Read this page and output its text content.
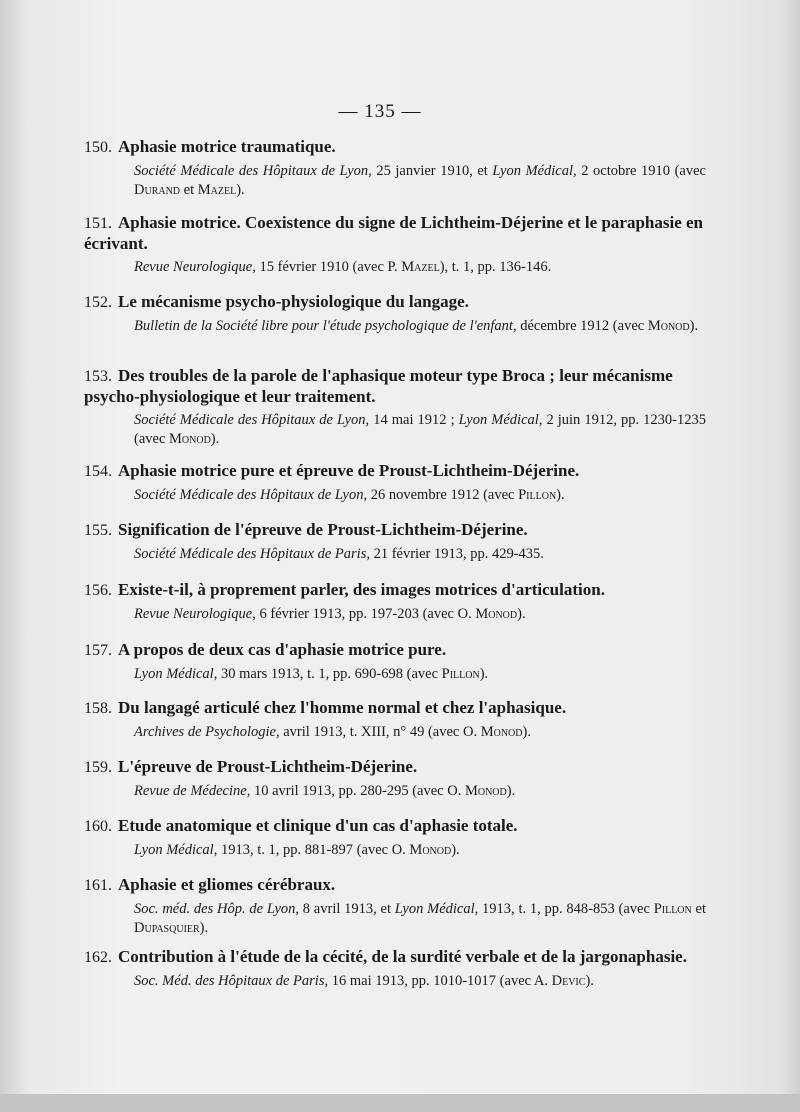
— 135 —
150. Aphasie motrice traumatique.
Société Médicale des Hôpitaux de Lyon, 25 janvier 1910, et Lyon Médical, 2 octobre 1910 (avec Durand et Mazel).
151. Aphasie motrice. Coexistence du signe de Lichtheim-Déjerine et le paraphasie en écrivant.
Revue Neurologique, 15 février 1910 (avec P. Mazel), t. 1, pp. 136-146.
152. Le mécanisme psycho-physiologique du langage.
Bulletin de la Société libre pour l'étude psychologique de l'enfant, décembre 1912 (avec Monod).
153. Des troubles de la parole de l'aphasique moteur type Broca ; leur mécanisme psycho-physiologique et leur traitement.
Société Médicale des Hôpitaux de Lyon, 14 mai 1912 ; Lyon Médical, 2 juin 1912, pp. 1230-1235 (avec Monod).
154. Aphasie motrice pure et épreuve de Proust-Lichtheim-Déjerine.
Société Médicale des Hôpitaux de Lyon, 26 novembre 1912 (avec Pillon).
155. Signification de l'épreuve de Proust-Lichtheim-Déjerine.
Société Médicale des Hôpitaux de Paris, 21 février 1913, pp. 429-435.
156. Existe-t-il, à proprement parler, des images motrices d'articulation.
Revue Neurologique, 6 février 1913, pp. 197-203 (avec O. Monod).
157. A propos de deux cas d'aphasie motrice pure.
Lyon Médical, 30 mars 1913, t. 1, pp. 690-698 (avec Pillon).
158. Du langagé articulé chez l'homme normal et chez l'aphasique.
Archives de Psychologie, avril 1913, t. XIII, n° 49 (avec O. Monod).
159. L'épreuve de Proust-Lichtheim-Déjerine.
Revue de Médecine, 10 avril 1913, pp. 280-295 (avec O. Monod).
160. Etude anatomique et clinique d'un cas d'aphasie totale.
Lyon Médical, 1913, t. 1, pp. 881-897 (avec O. Monod).
161. Aphasie et gliomes cérébraux.
Soc. méd. des Hôp. de Lyon, 8 avril 1913, et Lyon Médical, 1913, t. 1, pp. 848-853 (avec Pillon et Dupasquier).
162. Contribution à l'étude de la cécité, de la surdité verbale et de la jargonaphasie.
Soc. Méd. des Hôpitaux de Paris, 16 mai 1913, pp. 1010-1017 (avec A. Devic).
